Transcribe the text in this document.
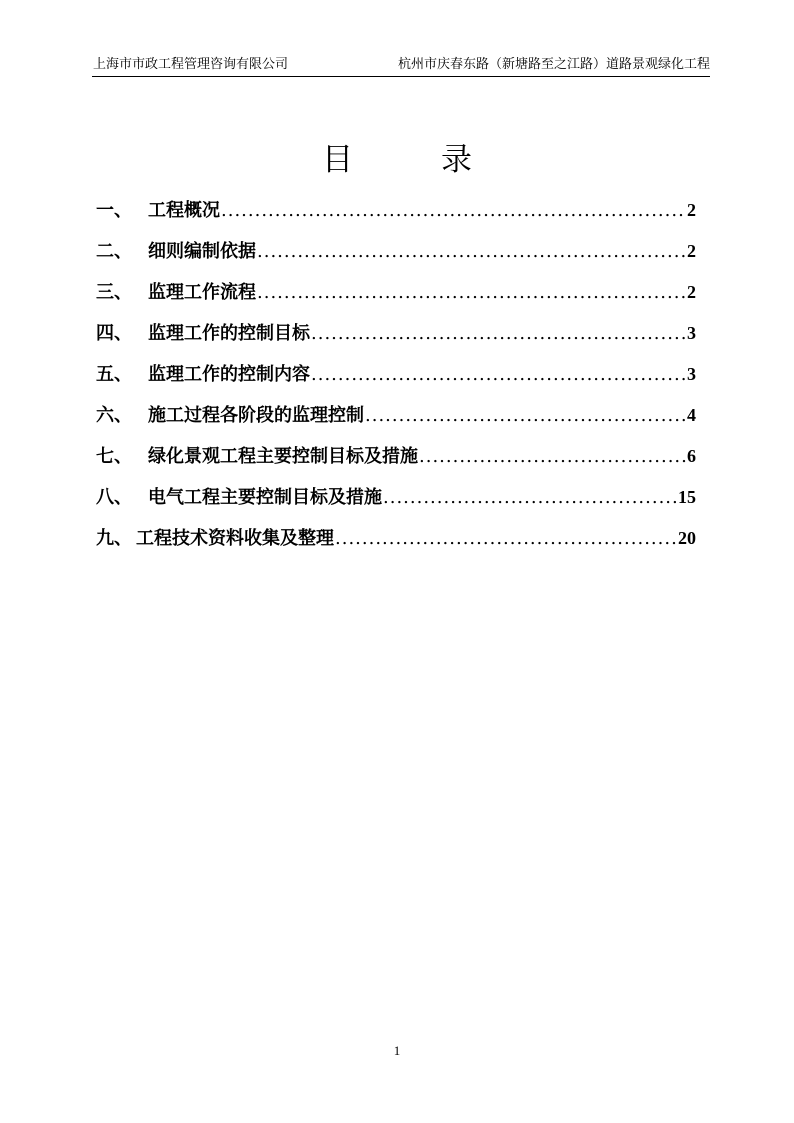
上海市市政工程管理咨询有限公司	杭州市庆春东路（新塘路至之江路）道路景观绿化工程
目录
一、 工程概况 .....	2
二、 细则编制依据 .....	2
三、 监理工作流程 .....	2
四、 监理工作的控制目标 .....	3
五、 监理工作的控制内容 .....	3
六、 施工过程各阶段的监理控制 .....	4
七、 绿化景观工程主要控制目标及措施 .....	6
八、 电气工程主要控制目标及措施 .....	15
九、 工程技术资料收集及整理 .....	20
1
